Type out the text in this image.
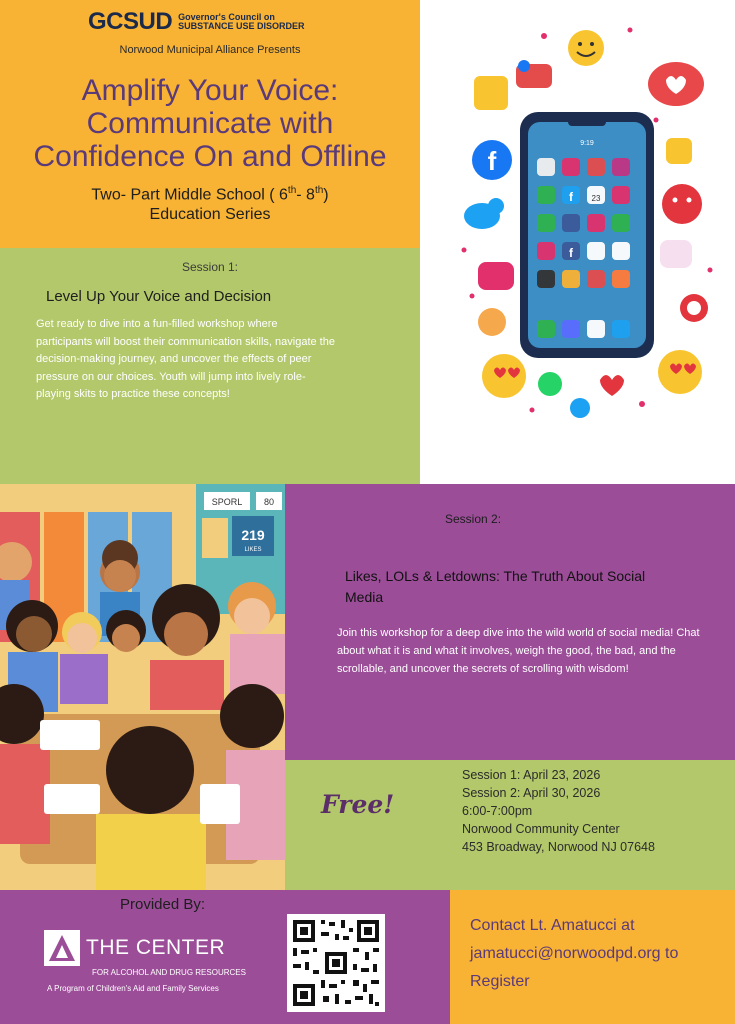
GCSUD Governor's Council on
SUBSTANCE USE DISORDER
Norwood Municipal Alliance Presents
Amplify Your Voice:
Communicate with
Confidence On and Offline
Two- Part Middle School ( 6th- 8th)
Education Series
Session 1:
Level Up Your Voice and Decision
Get ready to dive into a fun-filled workshop where participants will boost their communication skills, navigate the decision-making journey, and uncover the effects of peer pressure on our choices. Youth will jump into lively role-playing skits to practice these concepts!
9:19
23
f
f
f
SPORL 80
219
LIKES
Session 2:
Likes, LOLs & Letdowns: The Truth About Social Media
Join this workshop for a deep dive into the wild world of social media! Chat about what it is and what it involves, weigh the good, the bad, and the scrollable, and uncover the secrets of scrolling with wisdom!
Free!
Session 1: April 23, 2026
Session 2: April 30, 2026
6:00-7:00pm
Norwood Community Center
453 Broadway, Norwood NJ 07648
Provided By:
THE CENTER
FOR ALCOHOL AND DRUG RESOURCES
A Program of Children's Aid and Family Services
Contact Lt. Amatucci at jamatucci@norwoodpd.org to Register
